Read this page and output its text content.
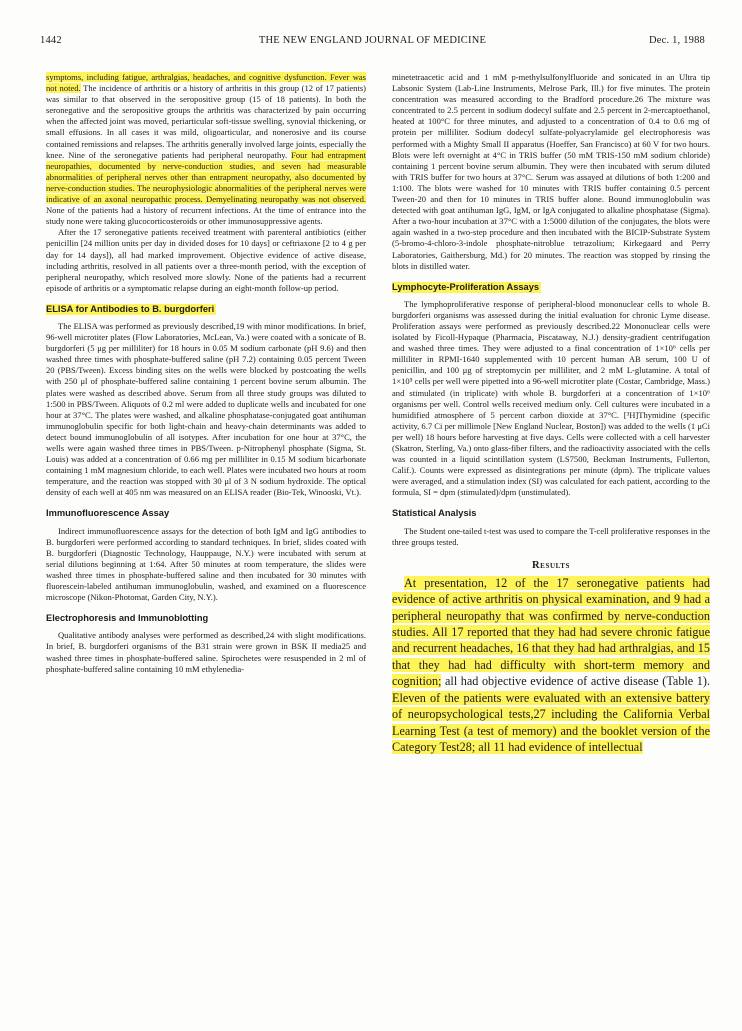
1442	THE NEW ENGLAND JOURNAL OF MEDICINE	Dec. 1, 1988

symptoms, including fatigue, arthralgias, headaches, and cognitive dysfunction. Fever was not noted. The incidence of arthritis or a history of arthritis in this group (12 of 17 patients) was similar to that observed in the seropositive group (15 of 18 patients). In both the seronegative and the seropositive groups the arthritis was characterized by pain occurring when the affected joint was moved, periarticular soft-tissue swelling, synovial thickening, or small effusions. In all cases it was mild, oligoarticular, and nonerosive and its course contained remissions and relapses. The arthritis generally involved large joints, especially the knee. Nine of the seronegative patients had peripheral neuropathy. Four had entrapment neuropathies, documented by nerve-conduction studies, and seven had measurable abnormalities of peripheral nerves other than entrapment neuropathy, also documented by nerve-conduction studies. The neurophysiologic abnormalities of the peripheral nerves were indicative of an axonal neuropathic process. Demyelinating neuropathy was not observed. None of the patients had a history of recurrent infections. At the time of entrance into the study none were taking glucocorticosteroids or other immunosuppressive agents.

After the 17 seronegative patients received treatment with parenteral antibiotics (either penicillin [24 million units per day in divided doses for 10 days] or ceftriaxone [2 to 4 g per day for 14 days]), all had marked improvement. Objective evidence of active disease, including arthritis, resolved in all patients over a three-month period, with the exception of peripheral neuropathy, which resolved more slowly. None of the patients had a recurrent episode of arthritis or a symptomatic relapse during an eight-month follow-up period.

ELISA for Antibodies to B. burgdorferi

The ELISA was performed as previously described,19 with minor modifications. In brief, 96-well microtiter plates (Flow Laboratories, McLean, Va.) were coated with a sonicate of B. burgdorferi (5 μg per milliliter) for 18 hours in 0.05 M sodium carbonate (pH 9.6) and then washed three times with phosphate-buffered saline (pH 7.2) containing 0.05 percent Tween 20 (PBS/Tween). Excess binding sites on the wells were blocked by postcoating the wells with 250 μl of phosphate-buffered saline containing 1 percent bovine serum albumin. The plates were washed as described above. Serum from all three study groups was diluted to 1:500 in PBS/Tween. Aliquots of 0.2 ml were added to duplicate wells and incubated for one hour at 37°C. The plates were washed, and alkaline phosphatase-conjugated goat antihuman immunoglobulin specific for both light-chain and heavy-chain determinants was added to detect bound immunoglobulin of all isotypes. After incubation for one hour at 37°C, the wells were again washed three times in PBS/Tween. p-Nitrophenyl phosphate (Sigma, St. Louis) was added at a concentration of 0.66 mg per milliliter in 0.15 M sodium bicarbonate containing 1 mM magnesium chloride, to each well. Plates were incubated two hours at room temperature, and the reaction was stopped with 30 μl of 3 N sodium hydroxide. The optical density of each well at 405 nm was measured on an ELISA reader (Bio-Tek, Winooski, Vt.).

Immunofluorescence Assay

Indirect immunofluorescence assays for the detection of both IgM and IgG antibodies to B. burgdorferi were performed according to standard techniques. In brief, slides coated with B. burgdorferi (Diagnostic Technology, Hauppauge, N.Y.) were incubated with serum at serial dilutions beginning at 1:64. After 50 minutes at room temperature, the slides were washed three times in phosphate-buffered saline and then incubated for 30 minutes with fluorescein-labeled antihuman immunoglobulin, washed, and examined on a fluorescence microscope (Nikon-Photomat, Garden City, N.Y.).

Electrophoresis and Immunoblotting

Qualitative antibody analyses were performed as described,24 with slight modifications. In brief, B. burgdorferi organisms of the B31 strain were grown in BSK II media25 and washed three times in phosphate-buffered saline. Spirochetes were resuspended in 2 ml of phosphate-buffered saline containing 10 mM ethylenedia-

minetetraacetic acid and 1 mM p-methylsulfonylfluoride and sonicated in an Ultra tip Labsonic System (Lab-Line Instruments, Melrose Park, Ill.) for five minutes. The protein concentration was measured according to the Bradford procedure.26 The mixture was concentrated to 2.5 percent in sodium dodecyl sulfate and 2.5 percent in 2-mercaptoethanol, heated at 100°C for three minutes, and adjusted to a concentration of 0.4 to 0.6 mg of protein per milliliter. Sodium dodecyl sulfate-polyacrylamide gel electrophoresis was performed with a Mighty Small II apparatus (Hoeffer, San Francisco) at 60 V for two hours. Blots were left overnight at 4°C in TRIS buffer (50 mM TRIS-150 mM sodium chloride) containing 1 percent bovine serum albumin. They were then incubated with serum diluted with TRIS buffer for two hours at 37°C. Serum was assayed at dilutions of both 1:200 and 1:100. The blots were washed for 10 minutes with TRIS buffer containing 0.5 percent Tween-20 and then for 10 minutes in TRIS buffer alone. Bound immunoglobulin was detected with goat antihuman IgG, IgM, or IgA conjugated to alkaline phosphatase (Sigma). After a two-hour incubation at 37°C with a 1:5000 dilution of the conjugates, the blots were again washed in a two-step procedure and then incubated with the BICIP-Substrate System (5-bromo-4-chloro-3-indole phosphate-nitroblue tetrazolium; Kirkegaard and Perry Laboratories, Gaithersburg, Md.) for 20 minutes. The reaction was stopped by rinsing the blots in distilled water.

Lymphocyte-Proliferation Assays

The lymphoproliferative response of peripheral-blood mononuclear cells to whole B. burgdorferi organisms was assessed during the initial evaluation for chronic Lyme disease. Proliferation assays were performed as previously described.22 Mononuclear cells were isolated by Ficoll-Hypaque (Pharmacia, Piscataway, N.J.) density-gradient centrifugation and washed three times. They were adjusted to a final concentration of 1×10⁶ cells per milliliter in RPMI-1640 supplemented with 10 percent human AB serum, 100 U of penicillin, and 100 μg of streptomycin per milliliter, and 2 mM L-glutamine. A total of 1×10⁵ cells per well were pipetted into a 96-well microtiter plate (Costar, Cambridge, Mass.) and stimulated (in triplicate) with whole B. burgdorferi at a concentration of 1×10⁶ organisms per well. Control wells received medium only. Cell cultures were incubated in a humidified atmosphere of 5 percent carbon dioxide at 37°C. [³H]Thymidine (specific activity, 6.7 Ci per millimole [New England Nuclear, Boston]) was added to the wells (1 μCi per well) 18 hours before harvesting at five days. Cells were collected with a cell harvester (Skatron, Sterling, Va.) onto glass-fiber filters, and the radioactivity associated with the cells was counted in a liquid scintillation system (LS7500, Beckman Instruments, Fullerton, Calif.). Counts were expressed as disintegrations per minute (dpm). The triplicate values were averaged, and a stimulation index (SI) was calculated for each patient, according to the formula, SI = dpm (stimulated)/dpm (unstimulated).

Statistical Analysis

The Student one-tailed t-test was used to compare the T-cell proliferative responses in the three groups tested.

Results

At presentation, 12 of the 17 seronegative patients had evidence of active arthritis on physical examination, and 9 had a peripheral neuropathy that was confirmed by nerve-conduction studies. All 17 reported that they had had severe chronic fatigue and recurrent headaches, 16 that they had had arthralgias, and 15 that they had had difficulty with short-term memory and cognition; all had objective evidence of active disease (Table 1). Eleven of the patients were evaluated with an extensive battery of neuropsychological tests,27 including the California Verbal Learning Test (a test of memory) and the booklet version of the Category Test28; all 11 had evidence of intellectual
